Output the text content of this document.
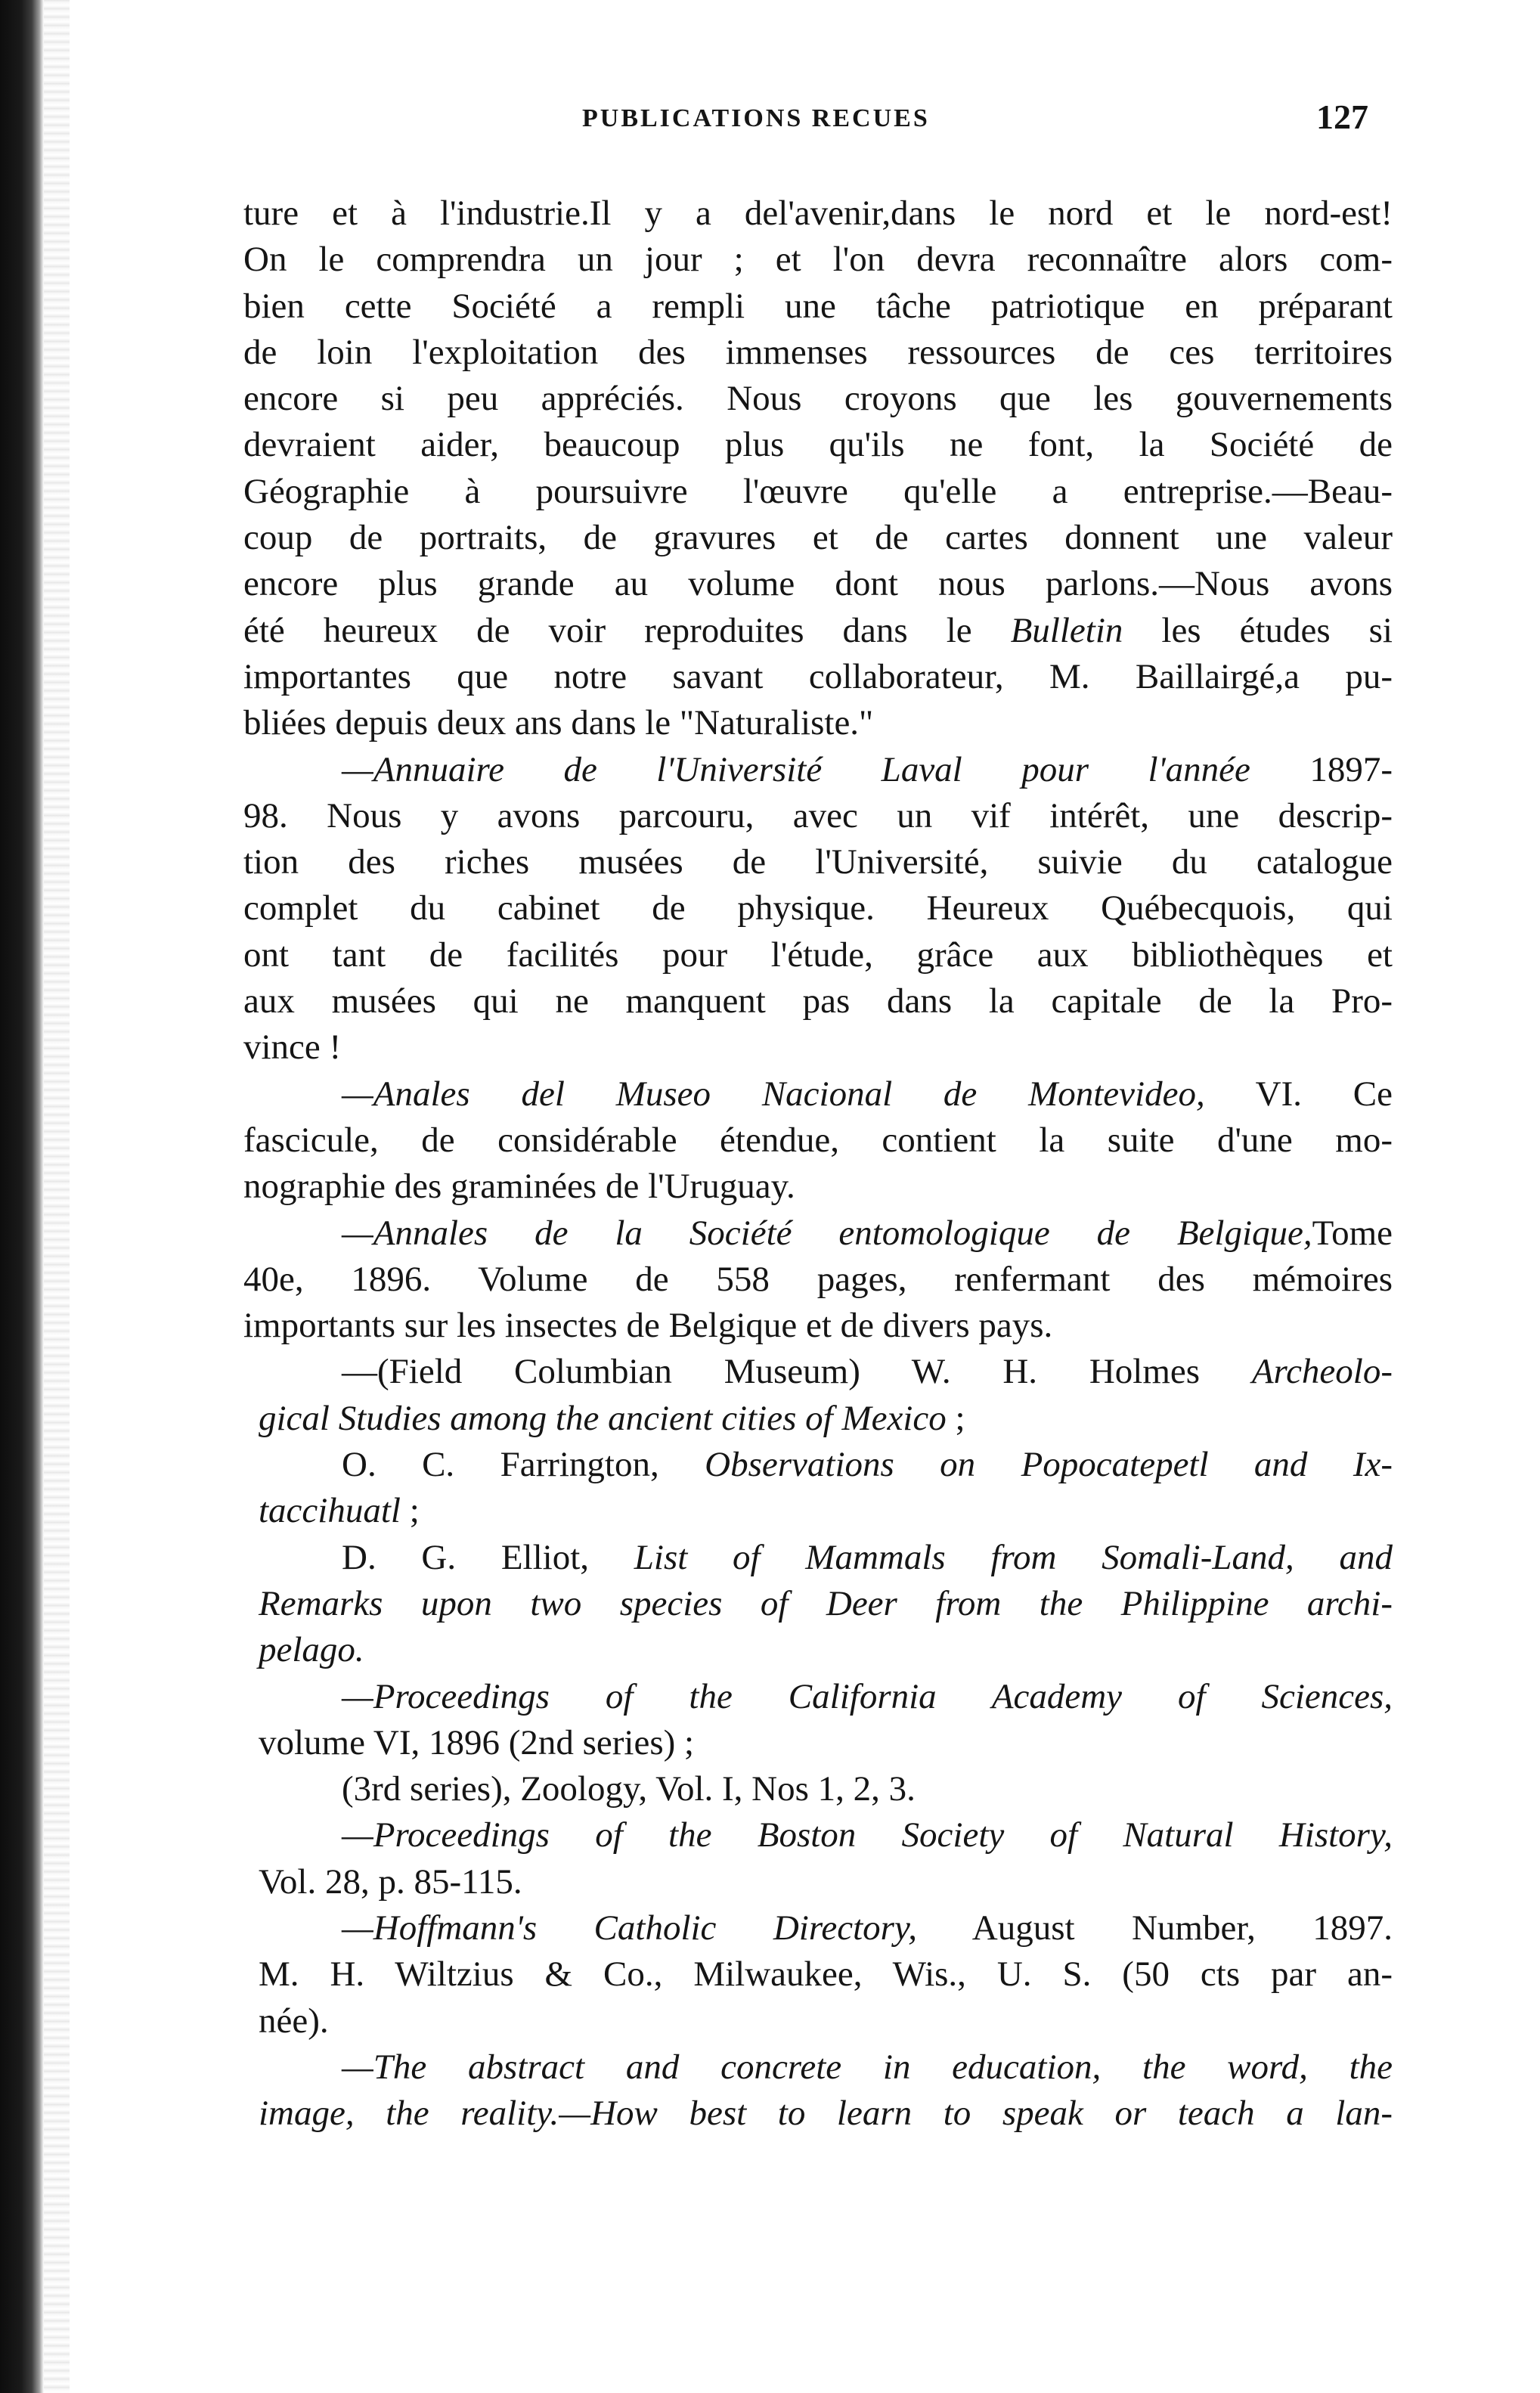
PUBLICATIONS RECUES	127
ture et à l'industrie.Il y a del'avenir,dans le nord et le nord-est!
On le comprendra un jour ; et l'on devra reconnaître alors com-
bien cette Société a rempli une tâche patriotique en préparant
de loin l'exploitation des immenses ressources de ces territoires
encore si peu appréciés. Nous croyons que les gouvernements
devraient aider, beaucoup plus qu'ils ne font, la Société de
Géographie à poursuivre l'œuvre qu'elle a entreprise.—Beau-
coup de portraits, de gravures et de cartes donnent une valeur
encore plus grande au volume dont nous parlons.—Nous avons
été heureux de voir reproduites dans le Bulletin les études si
importantes que notre savant collaborateur, M. Baillairgé,a pu-
bliées depuis deux ans dans le "Naturaliste."
—Annuaire de l'Université Laval pour l'année 1897-
98. Nous y avons parcouru, avec un vif intérêt, une descrip-
tion des riches musées de l'Université, suivie du catalogue
complet du cabinet de physique. Heureux Québecquois, qui
ont tant de facilités pour l'étude, grâce aux bibliothèques et
aux musées qui ne manquent pas dans la capitale de la Pro-
vince !
—Anales del Museo Nacional de Montevideo, VI. Ce
fascicule, de considérable étendue, contient la suite d'une mo-
nographie des graminées de l'Uruguay.
—Annales de la Société entomologique de Belgique,Tome
40e, 1896. Volume de 558 pages, renfermant des mémoires
importants sur les insectes de Belgique et de divers pays.
—(Field Columbian Museum) W. H. Holmes Archeolo-
gical Studies among the ancient cities of Mexico ;
O. C. Farrington, Observations on Popocatepetl and Ix-
taccihuatl ;
D. G. Elliot, List of Mammals from Somali-Land, and
Remarks upon two species of Deer from the Philippine archi-
pelago.
—Proceedings of the California Academy of Sciences,
volume VI, 1896 (2nd series) ;
(3rd series), Zoology, Vol. I, Nos 1, 2, 3.
—Proceedings of the Boston Society of Natural History,
Vol. 28, p. 85-115.
—Hoffmann's Catholic Directory, August Number, 1897.
M. H. Wiltzius & Co., Milwaukee, Wis., U. S. (50 cts par an-
née).
—The abstract and concrete in education, the word, the
image, the reality.—How best to learn to speak or teach a lan-
